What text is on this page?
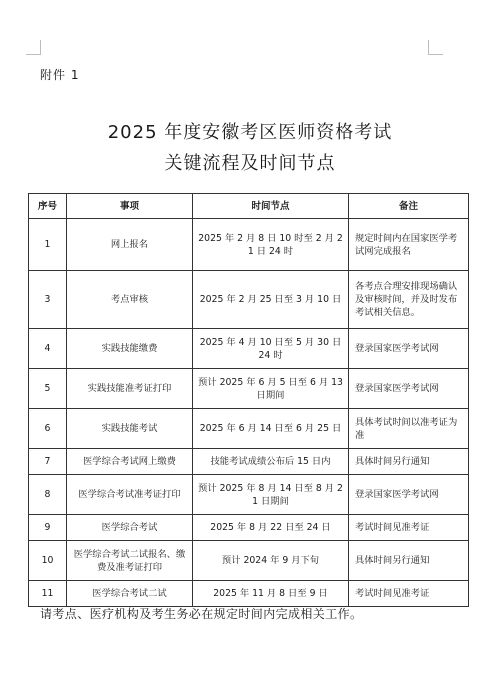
附件 1
2025 年度安徽考区医师资格考试
关键流程及时间节点
序号	事项	时间节点	备注
1	网上报名	2025 年 2 月 8 日 10 时至 2 月 21 日 24 时	规定时间内在国家医学考试网完成报名
3	考点审核	2025 年 2 月 25 日至 3 月 10 日	各考点合理安排现场确认及审核时间，并及时发布考试相关信息。
4	实践技能缴费	2025 年 4 月 10 日至 5 月 30 日 24 时	登录国家医学考试网
5	实践技能准考证打印	预计 2025 年 6 月 5 日至 6 月 13 日期间	登录国家医学考试网
6	实践技能考试	2025 年 6 月 14 日至 6 月 25 日	具体考试时间以准考证为准
7	医学综合考试网上缴费	技能考试成绩公布后 15 日内	具体时间另行通知
8	医学综合考试准考证打印	预计 2025 年 8 月 14 日至 8 月 21 日期间	登录国家医学考试网
9	医学综合考试	2025 年 8 月 22 日至 24 日	考试时间见准考证
10	医学综合考试二试报名、缴费及准考证打印	预计 2024 年 9 月下旬	具体时间另行通知
11	医学综合考试二试	2025 年 11 月 8 日至 9 日	考试时间见准考证
请考点、医疗机构及考生务必在规定时间内完成相关工作。
